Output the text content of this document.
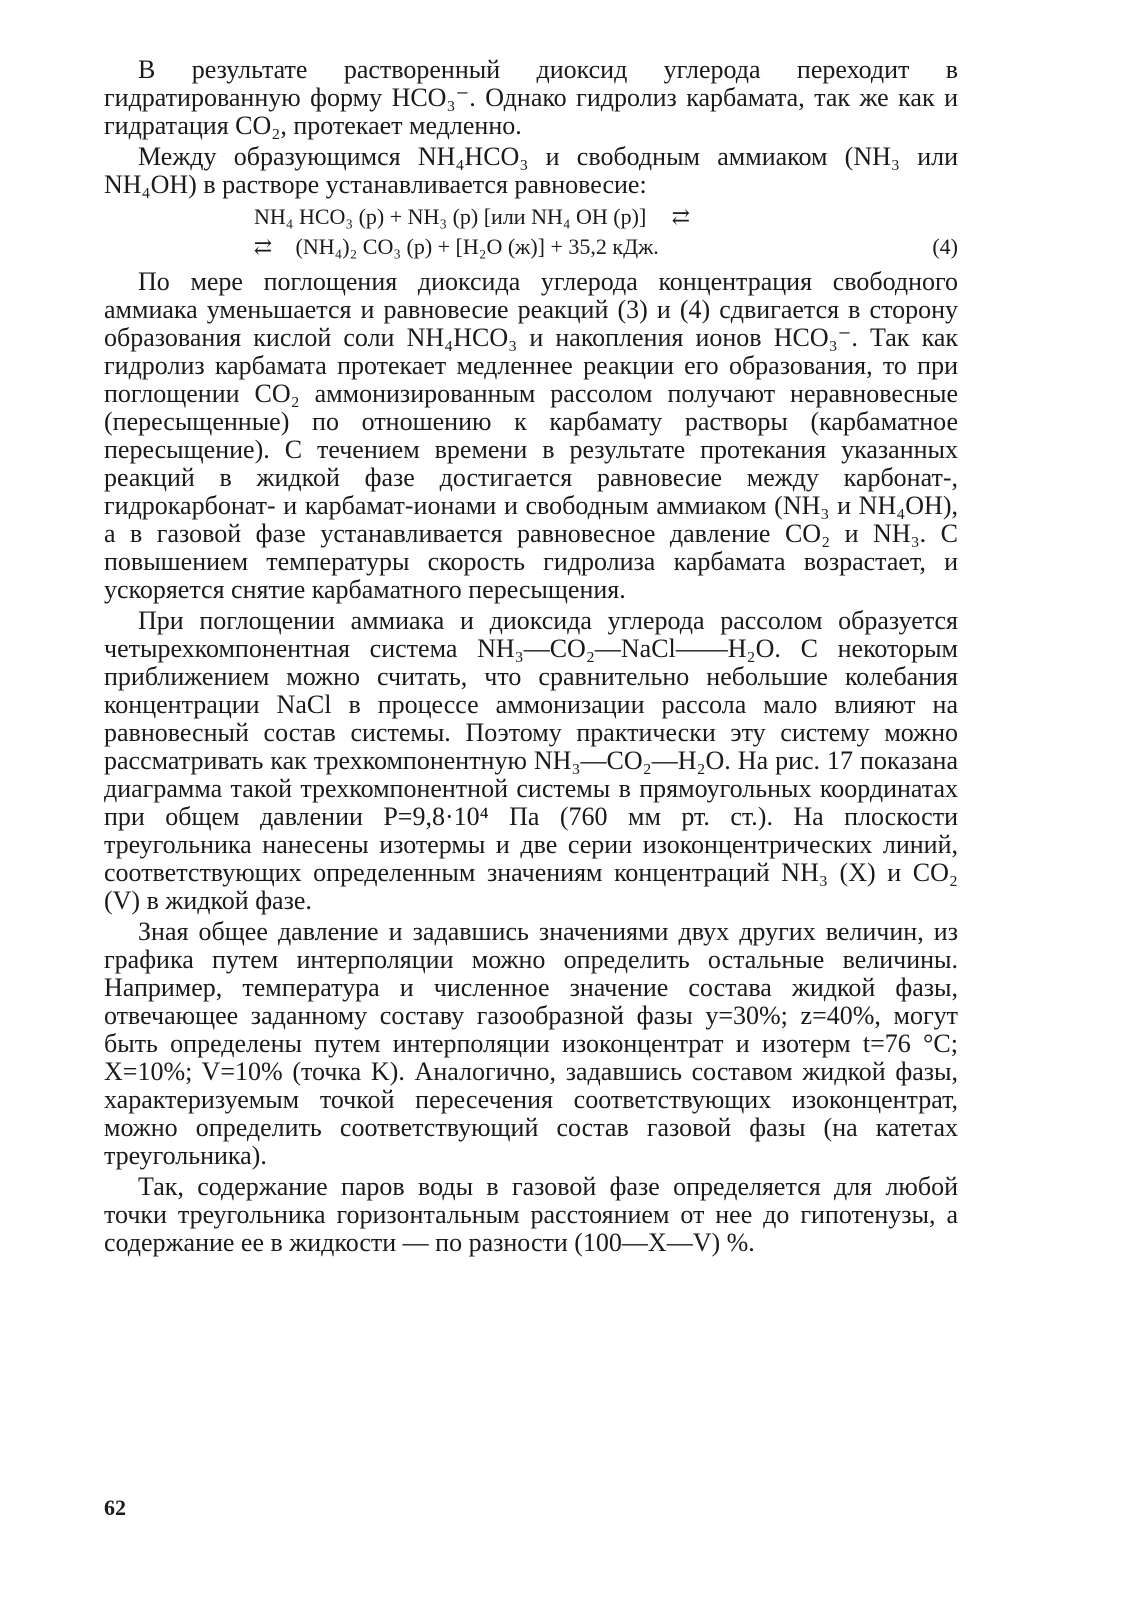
В результате растворенный диоксид углерода переходит в гидратированную форму НСО₃⁻. Однако гидролиз карбамата, так же как и гидратация СО₂, протекает медленно.

Между образующимся NH₄HCO₃ и свободным аммиаком (NH₃ или NH₄OH) в растворе устанавливается равновесие:

NH₄ HCO₃ (р) + NH₃ (р) [или NH₄ OH (р)] ⇄
⇄ (NH₄)₂ CO₃ (р) + [H₂O (ж)] + 35,2 кДж.	(4)

По мере поглощения диоксида углерода концентрация свободного аммиака уменьшается и равновесие реакций (3) и (4) сдвигается в сторону образования кислой соли NH₄HCO₃ и накопления ионов НСО₃⁻. Так как гидролиз карбамата протекает медленнее реакции его образования, то при поглощении CO₂ аммонизированным рассолом получают неравновесные (пересыщенные) по отношению к карбамату растворы (карбаматное пересыщение). С течением времени в результате протекания указанных реакций в жидкой фазе достигается равновесие между карбонат-, гидрокарбонат- и карбамат-ионами и свободным аммиаком (NH₃ и NH₄OH), а в газовой фазе устанавливается равновесное давление CO₂ и NH₃. С повышением температуры скорость гидролиза карбамата возрастает, и ускоряется снятие карбаматного пересыщения.

При поглощении аммиака и диоксида углерода рассолом образуется четырехкомпонентная система NH₃—CO₂—NaCl——H₂O. С некоторым приближением можно считать, что сравнительно небольшие колебания концентрации NaCl в процессе аммонизации рассола мало влияют на равновесный состав системы. Поэтому практически эту систему можно рассматривать как трехкомпонентную NH₃—CO₂—H₂O. На рис. 17 показана диаграмма такой трехкомпонентной системы в прямоугольных координатах при общем давлении P=9,8·10⁴ Па (760 мм рт. ст.). На плоскости треугольника нанесены изотермы и две серии изоконцентрических линий, соответствующих определенным значениям концентраций NH₃ (X) и CO₂ (V) в жидкой фазе.

Зная общее давление и задавшись значениями двух других величин, из графика путем интерполяции можно определить остальные величины. Например, температура и численное значение состава жидкой фазы, отвечающее заданному составу газообразной фазы y=30%; z=40%, могут быть определены путем интерполяции изоконцентрат и изотерм t=76 °C; X=10%; V=10% (точка K). Аналогично, задавшись составом жидкой фазы, характеризуемым точкой пересечения соответствующих изоконцентрат, можно определить соответствующий состав газовой фазы (на катетах треугольника).

Так, содержание паров воды в газовой фазе определяется для любой точки треугольника горизонтальным расстоянием от нее до гипотенузы, а содержание ее в жидкости — по разности (100—X—V) %.

62
